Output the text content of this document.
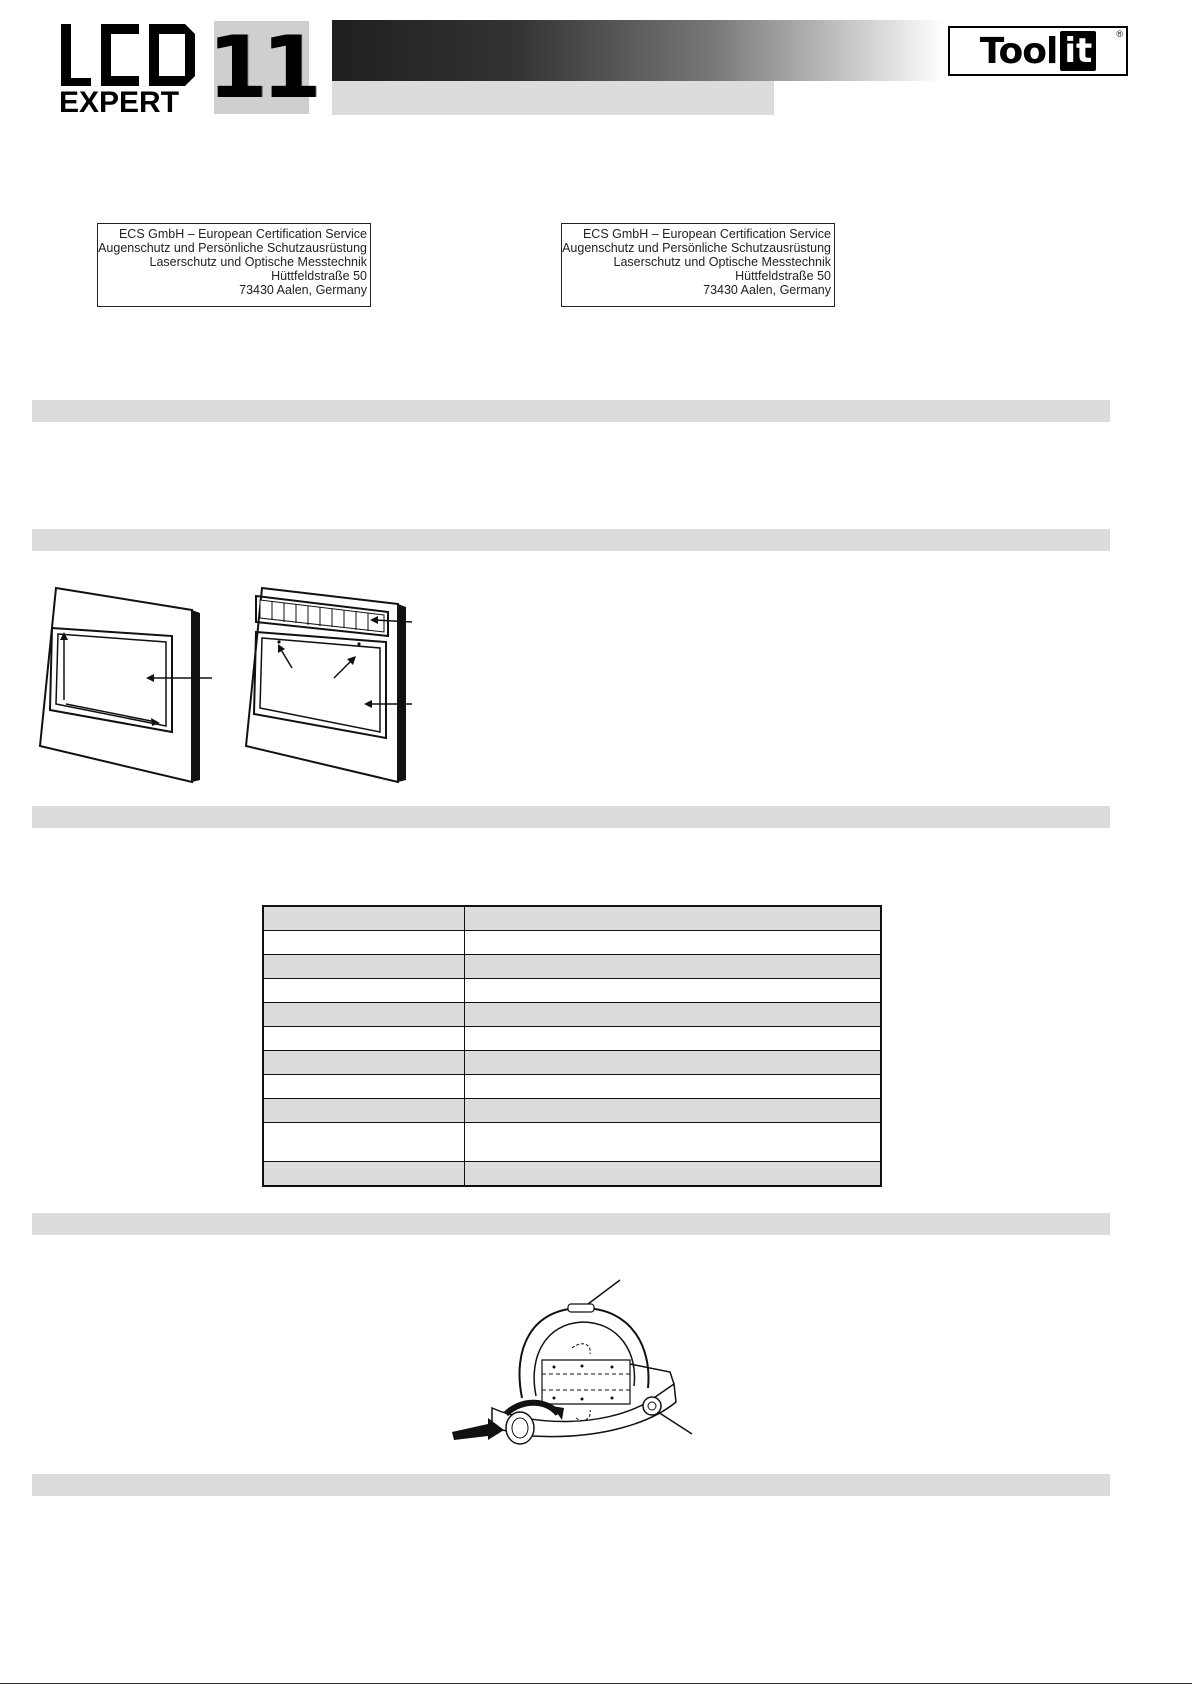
EXPERT 11	Tool it	®
ECS GmbH – European Certification Service
Augenschutz und Persönliche Schutzausrüstung
Laserschutz und Optische Messtechnik
Hüttfeldstraße 50
73430 Aalen, Germany
ECS GmbH – European Certification Service
Augenschutz und Persönliche Schutzausrüstung
Laserschutz und Optische Messtechnik
Hüttfeldstraße 50
73430 Aalen, Germany
